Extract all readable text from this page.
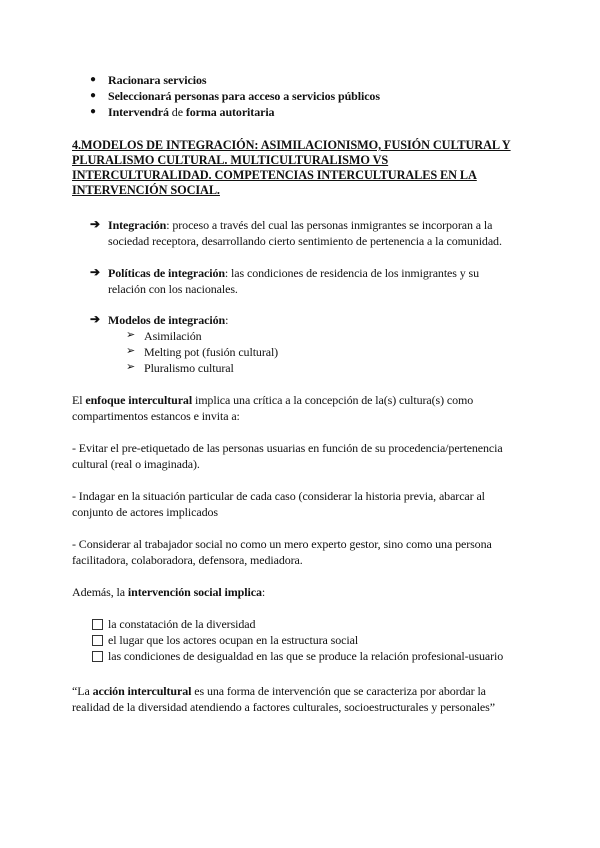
● Racionara servicios
● Seleccionará personas para acceso a servicios públicos
● Intervendrá de forma autoritaria
4.MODELOS DE INTEGRACIÓN: ASIMILACIONISMO, FUSIÓN CULTURAL Y
PLURALISMO CULTURAL. MULTICULTURALISMO VS
INTERCULTURALIDAD. COMPETENCIAS INTERCULTURALES EN LA
INTERVENCIÓN SOCIAL.
➔ Integración: proceso a través del cual las personas inmigrantes se incorporan a la
sociedad receptora, desarrollando cierto sentimiento de pertenencia a la comunidad.
➔ Políticas de integración: las condiciones de residencia de los inmigrantes y su
relación con los nacionales.
➔ Modelos de integración:
➢ Asimilación
➢ Melting pot (fusión cultural)
➢ Pluralismo cultural
El enfoque intercultural implica una crítica a la concepción de la(s) cultura(s) como
compartimentos estancos e invita a:
- Evitar el pre-etiquetado de las personas usuarias en función de su procedencia/pertenencia
cultural (real o imaginada).
- Indagar en la situación particular de cada caso (considerar la historia previa, abarcar al
conjunto de actores implicados
- Considerar al trabajador social no como un mero experto gestor, sino como una persona
facilitadora, colaboradora, defensora, mediadora.
Además, la intervención social implica:
la constatación de la diversidad
el lugar que los actores ocupan en la estructura social
las condiciones de desigualdad en las que se produce la relación profesional-usuario
“La acción intercultural es una forma de intervención que se caracteriza por abordar la
realidad de la diversidad atendiendo a factores culturales, socioestructurales y personales”
